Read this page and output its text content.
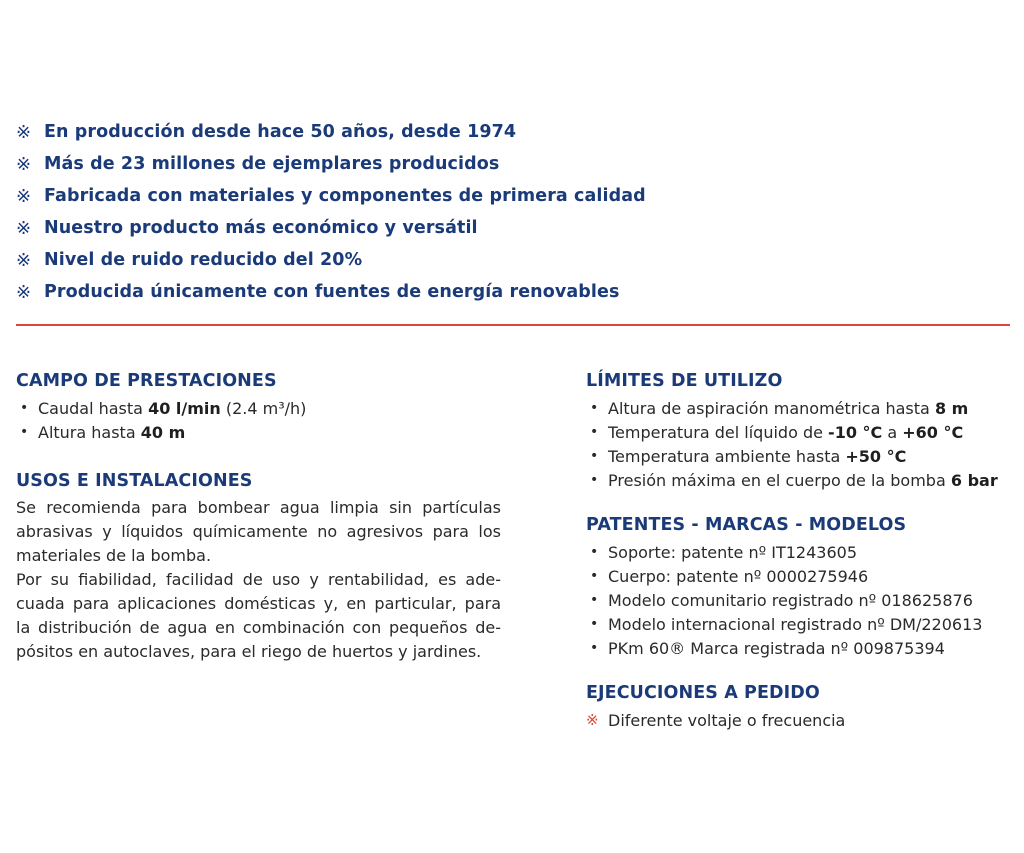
※ En producción desde hace 50 años, desde 1974
※ Más de 23 millones de ejemplares producidos
※ Fabricada con materiales y componentes de primera calidad
※ Nuestro producto más económico y versátil
※ Nivel de ruido reducido del 20%
※ Producida únicamente con fuentes de energía renovables
CAMPO DE PRESTACIONES
• Caudal hasta
40 l/min
(2.4 m³/h)
• Altura hasta
40 m
USOS E INSTALACIONES
Se recomienda para bombear agua limpia sin partículas
abrasivas y líquidos químicamente no agresivos para los
materiales de la bomba.
Por su fiabilidad, facilidad de uso y rentabilidad, es ade-
cuada para aplicaciones domésticas y, en particular, para
la distribución de agua en combinación con pequeños de-
pósitos en autoclaves, para el riego de huertos y jardines.
LÍMITES DE UTILIZO
• Altura de aspiración manométrica hasta
8 m
• Temperatura del líquido de
-10 °C
a
+60 °C
• Temperatura ambiente hasta
+50 °C
• Presión máxima en el cuerpo de la bomba
6 bar
PATENTES - MARCAS - MODELOS
• Soporte: patente nº IT1243605
• Cuerpo: patente nº 0000275946
• Modelo comunitario registrado nº 018625876
• Modelo internacional registrado nº DM/220613
• PKm 60® Marca registrada nº 009875394
EJECUCIONES A PEDIDO
※ Diferente voltaje o frecuencia
